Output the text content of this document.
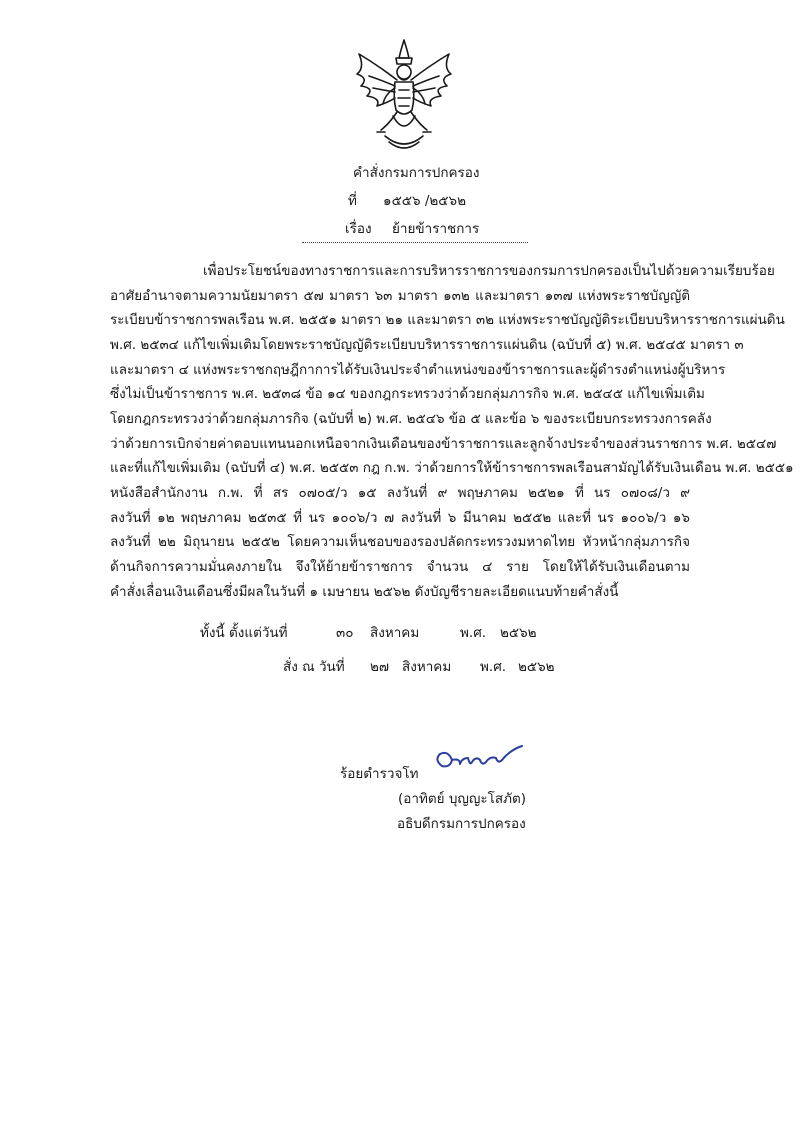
คำสั่งกรมการปกครอง
ที่ ๑๕๕๖ /๒๕๖๒
เรื่อง ย้ายข้าราชการ
เพื่อประโยชน์ของทางราชการและการบริหารราชการของกรมการปกครองเป็นไปด้วยความเรียบร้อย
อาศัยอำนาจตามความนัยมาตรา ๕๗ มาตรา ๖๓ มาตรา ๑๓๒ และมาตรา ๑๓๗ แห่งพระราชบัญญัติ
ระเบียบข้าราชการพลเรือน พ.ศ. ๒๕๕๑ มาตรา ๒๑ และมาตรา ๓๒ แห่งพระราชบัญญัติระเบียบบริหารราชการแผ่นดิน
พ.ศ. ๒๕๓๔ แก้ไขเพิ่มเติมโดยพระราชบัญญัติระเบียบบริหารราชการแผ่นดิน (ฉบับที่ ๕) พ.ศ. ๒๕๔๕ มาตรา ๓
และมาตรา ๔ แห่งพระราชกฤษฎีกาการได้รับเงินประจำตำแหน่งของข้าราชการและผู้ดำรงตำแหน่งผู้บริหาร
ซึ่งไม่เป็นข้าราชการ พ.ศ. ๒๕๓๘ ข้อ ๑๔ ของกฎกระทรวงว่าด้วยกลุ่มภารกิจ พ.ศ. ๒๕๔๕ แก้ไขเพิ่มเติม
โดยกฎกระทรวงว่าด้วยกลุ่มภารกิจ (ฉบับที่ ๒) พ.ศ. ๒๕๔๖ ข้อ ๕ และข้อ ๖ ของระเบียบกระทรวงการคลัง
ว่าด้วยการเบิกจ่ายค่าตอบแทนนอกเหนือจากเงินเดือนของข้าราชการและลูกจ้างประจำของส่วนราชการ พ.ศ. ๒๕๔๗
และที่แก้ไขเพิ่มเติม (ฉบับที่ ๔) พ.ศ. ๒๕๕๓ กฎ ก.พ. ว่าด้วยการให้ข้าราชการพลเรือนสามัญได้รับเงินเดือน พ.ศ. ๒๕๕๑
หนังสือสำนักงาน ก.พ. ที่ สร ๐๗๐๕/ว ๑๕ ลงวันที่ ๙ พฤษภาคม ๒๕๒๑ ที่ นร ๐๗๐๘/ว ๙
ลงวันที่ ๑๒ พฤษภาคม ๒๕๓๕ ที่ นร ๑๐๐๖/ว ๗ ลงวันที่ ๖ มีนาคม ๒๕๕๒ และที่ นร ๑๐๐๖/ว ๑๖
ลงวันที่ ๒๒ มิถุนายน ๒๕๕๒ โดยความเห็นชอบของรองปลัดกระทรวงมหาดไทย หัวหน้ากลุ่มภารกิจ
ด้านกิจการความมั่นคงภายใน จึงให้ย้ายข้าราชการ จำนวน ๔ ราย โดยให้ได้รับเงินเดือนตาม
คำสั่งเลื่อนเงินเดือนซึ่งมีผลในวันที่ ๑ เมษายน ๒๕๖๒ ดังบัญชีรายละเอียดแนบท้ายคำสั่งนี้
ทั้งนี้ ตั้งแต่วันที่	๓๐ สิงหาคม	พ.ศ. ๒๕๖๒
สั่ง ณ วันที่ ๒๗ สิงหาคม พ.ศ. ๒๕๖๒
ร้อยตำรวจโท
(อาทิตย์ บุญญะโสภัต)
อธิบดีกรมการปกครอง
